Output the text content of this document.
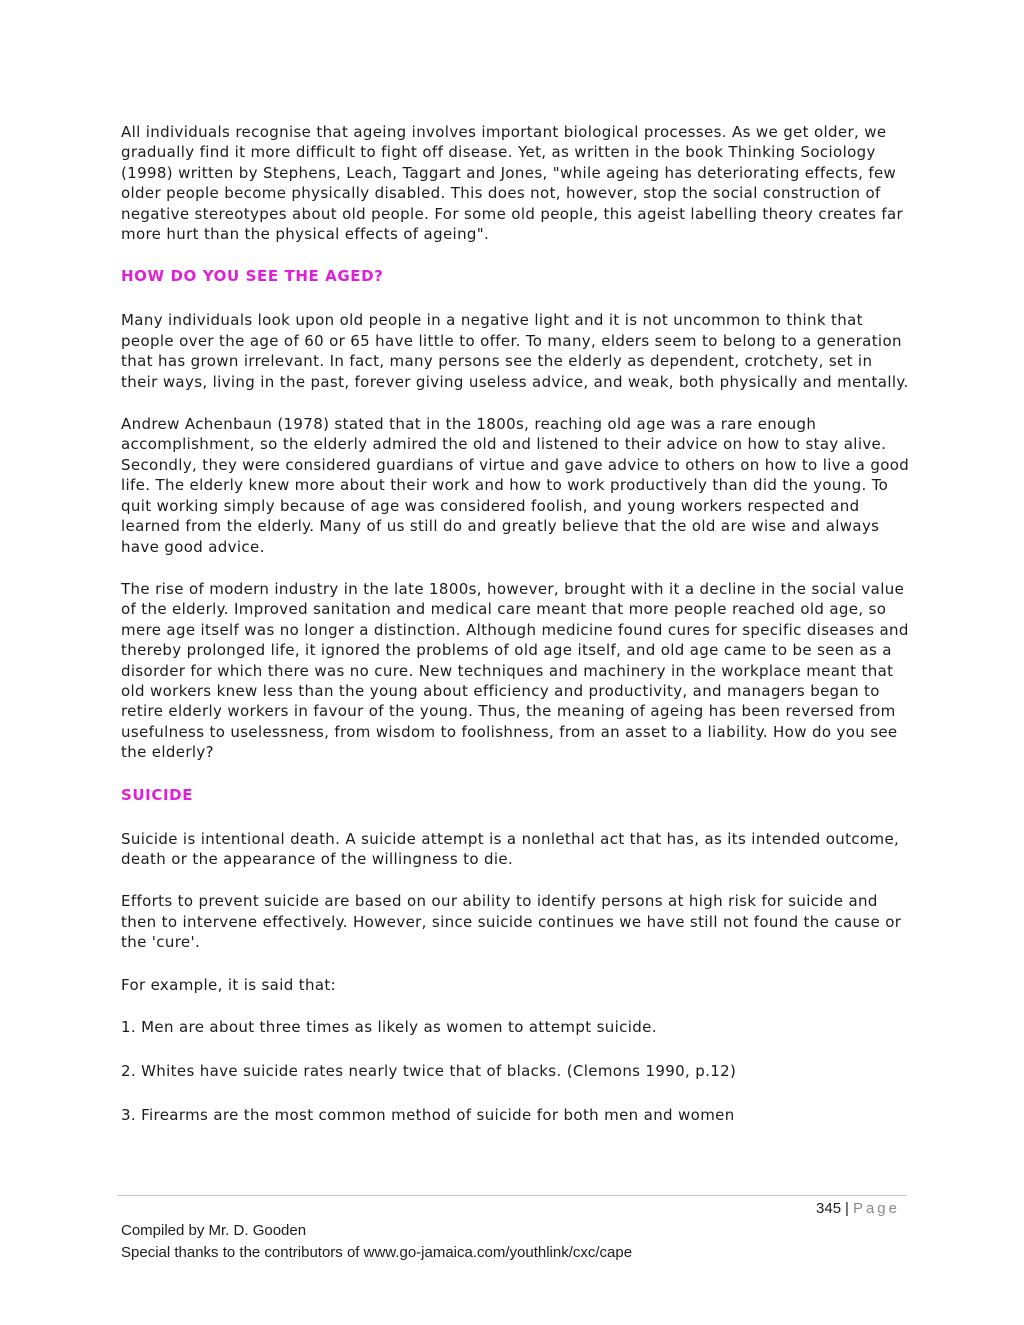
All individuals recognise that ageing involves important biological processes. As we get older, we gradually find it more difficult to fight off disease. Yet, as written in the book Thinking Sociology (1998) written by Stephens, Leach, Taggart and Jones, "while ageing has deteriorating effects, few older people become physically disabled. This does not, however, stop the social construction of negative stereotypes about old people. For some old people, this ageist labelling theory creates far more hurt than the physical effects of ageing".

HOW DO YOU SEE THE AGED?

Many individuals look upon old people in a negative light and it is not uncommon to think that people over the age of 60 or 65 have little to offer. To many, elders seem to belong to a generation that has grown irrelevant. In fact, many persons see the elderly as dependent, crotchety, set in their ways, living in the past, forever giving useless advice, and weak, both physically and mentally.

Andrew Achenbaun (1978) stated that in the 1800s, reaching old age was a rare enough accomplishment, so the elderly admired the old and listened to their advice on how to stay alive. Secondly, they were considered guardians of virtue and gave advice to others on how to live a good life. The elderly knew more about their work and how to work productively than did the young. To quit working simply because of age was considered foolish, and young workers respected and learned from the elderly. Many of us still do and greatly believe that the old are wise and always have good advice.

The rise of modern industry in the late 1800s, however, brought with it a decline in the social value of the elderly. Improved sanitation and medical care meant that more people reached old age, so mere age itself was no longer a distinction. Although medicine found cures for specific diseases and thereby prolonged life, it ignored the problems of old age itself, and old age came to be seen as a disorder for which there was no cure. New techniques and machinery in the workplace meant that old workers knew less than the young about efficiency and productivity, and managers began to retire elderly workers in favour of the young. Thus, the meaning of ageing has been reversed from usefulness to uselessness, from wisdom to foolishness, from an asset to a liability. How do you see the elderly?

SUICIDE

Suicide is intentional death. A suicide attempt is a nonlethal act that has, as its intended outcome, death or the appearance of the willingness to die.

Efforts to prevent suicide are based on our ability to identify persons at high risk for suicide and then to intervene effectively. However, since suicide continues we have still not found the cause or the 'cure'.

For example, it is said that:

1. Men are about three times as likely as women to attempt suicide.

2. Whites have suicide rates nearly twice that of blacks. (Clemons 1990, p.12)

3. Firearms are the most common method of suicide for both men and women

345 | Page
Compiled by Mr. D. Gooden
Special thanks to the contributors of www.go-jamaica.com/youthlink/cxc/cape
